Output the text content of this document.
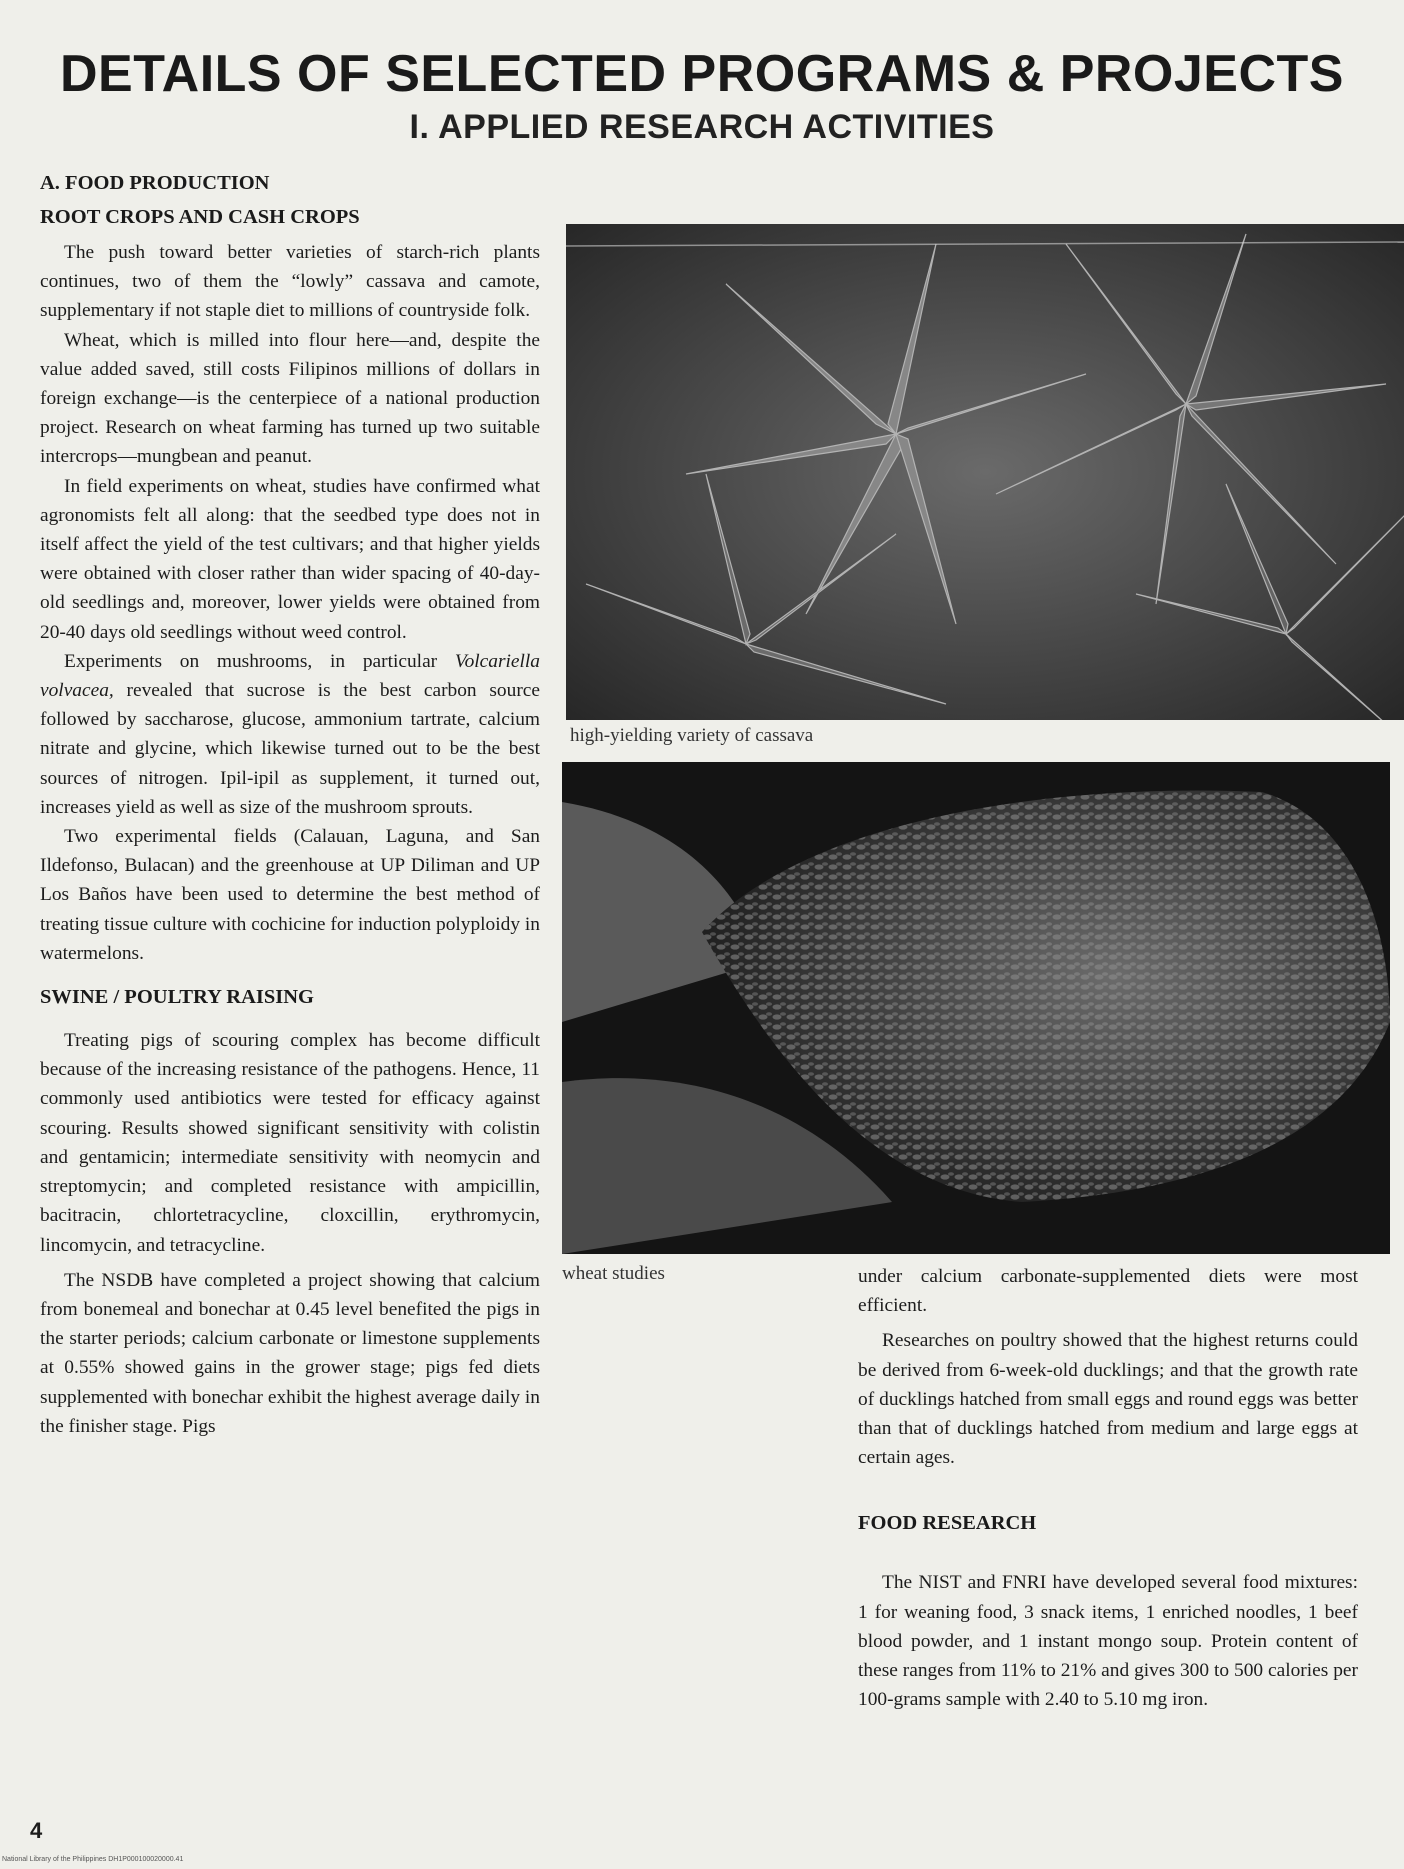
DETAILS OF SELECTED PROGRAMS & PROJECTS
I. APPLIED RESEARCH ACTIVITIES
A. FOOD PRODUCTION
ROOT CROPS AND CASH CROPS

The push toward better varieties of starch-rich plants continues, two of them the “lowly” cassava and camote, supplementary if not staple diet to millions of countryside folk.

Wheat, which is milled into flour here—and, despite the value added saved, still costs Filipinos millions of dollars in foreign exchange—is the centerpiece of a national production project. Research on wheat farming has turned up two suitable intercrops—mungbean and peanut.

In field experiments on wheat, studies have confirmed what agronomists felt all along: that the seedbed type does not in itself affect the yield of the test cultivars; and that higher yields were obtained with closer rather than wider spacing of 40-day-old seedlings and, moreover, lower yields were obtained from 20-40 days old seedlings without weed control.

Experiments on mushrooms, in particular Volcariella volvacea, revealed that sucrose is the best carbon source followed by saccharose, glucose, ammonium tartrate, calcium nitrate and glycine, which likewise turned out to be the best sources of nitrogen. Ipil-ipil as supplement, it turned out, increases yield as well as size of the mushroom sprouts.

Two experimental fields (Calauan, Laguna, and San Ildefonso, Bulacan) and the greenhouse at UP Diliman and UP Los Baños have been used to determine the best method of treating tissue culture with cochicine for induction polyploidy in watermelons.

SWINE / POULTRY RAISING

Treating pigs of scouring complex has become difficult because of the increasing resistance of the pathogens. Hence, 11 commonly used antibiotics were tested for efficacy against scouring. Results showed significant sensitivity with colistin and gentamicin; intermediate sensitivity with neomycin and streptomycin; and completed resistance with ampicillin, bacitracin, chlortetracycline, cloxcillin, erythromycin, lincomycin, and tetracycline.

The NSDB have completed a project showing that calcium from bonemeal and bonechar at 0.45 level benefited the pigs in the starter periods; calcium carbonate or limestone supplements at 0.55% showed gains in the grower stage; pigs fed diets supplemented with bonechar exhibit the highest average daily in the finisher stage. Pigs

high-yielding variety of cassava
wheat studies	under calcium carbonate-supplemented diets were most efficient.

Researches on poultry showed that the highest returns could be derived from 6-week-old ducklings; and that the growth rate of ducklings hatched from small eggs and round eggs was better than that of ducklings hatched from medium and large eggs at certain ages.

FOOD RESEARCH

The NIST and FNRI have developed several food mixtures: 1 for weaning food, 3 snack items, 1 enriched noodles, 1 beef blood powder, and 1 instant mongo soup. Protein content of these ranges from 11% to 21% and gives 300 to 500 calories per 100-grams sample with 2.40 to 5.10 mg iron.

4
National Library of the Philippines DH1P000100020000.41
